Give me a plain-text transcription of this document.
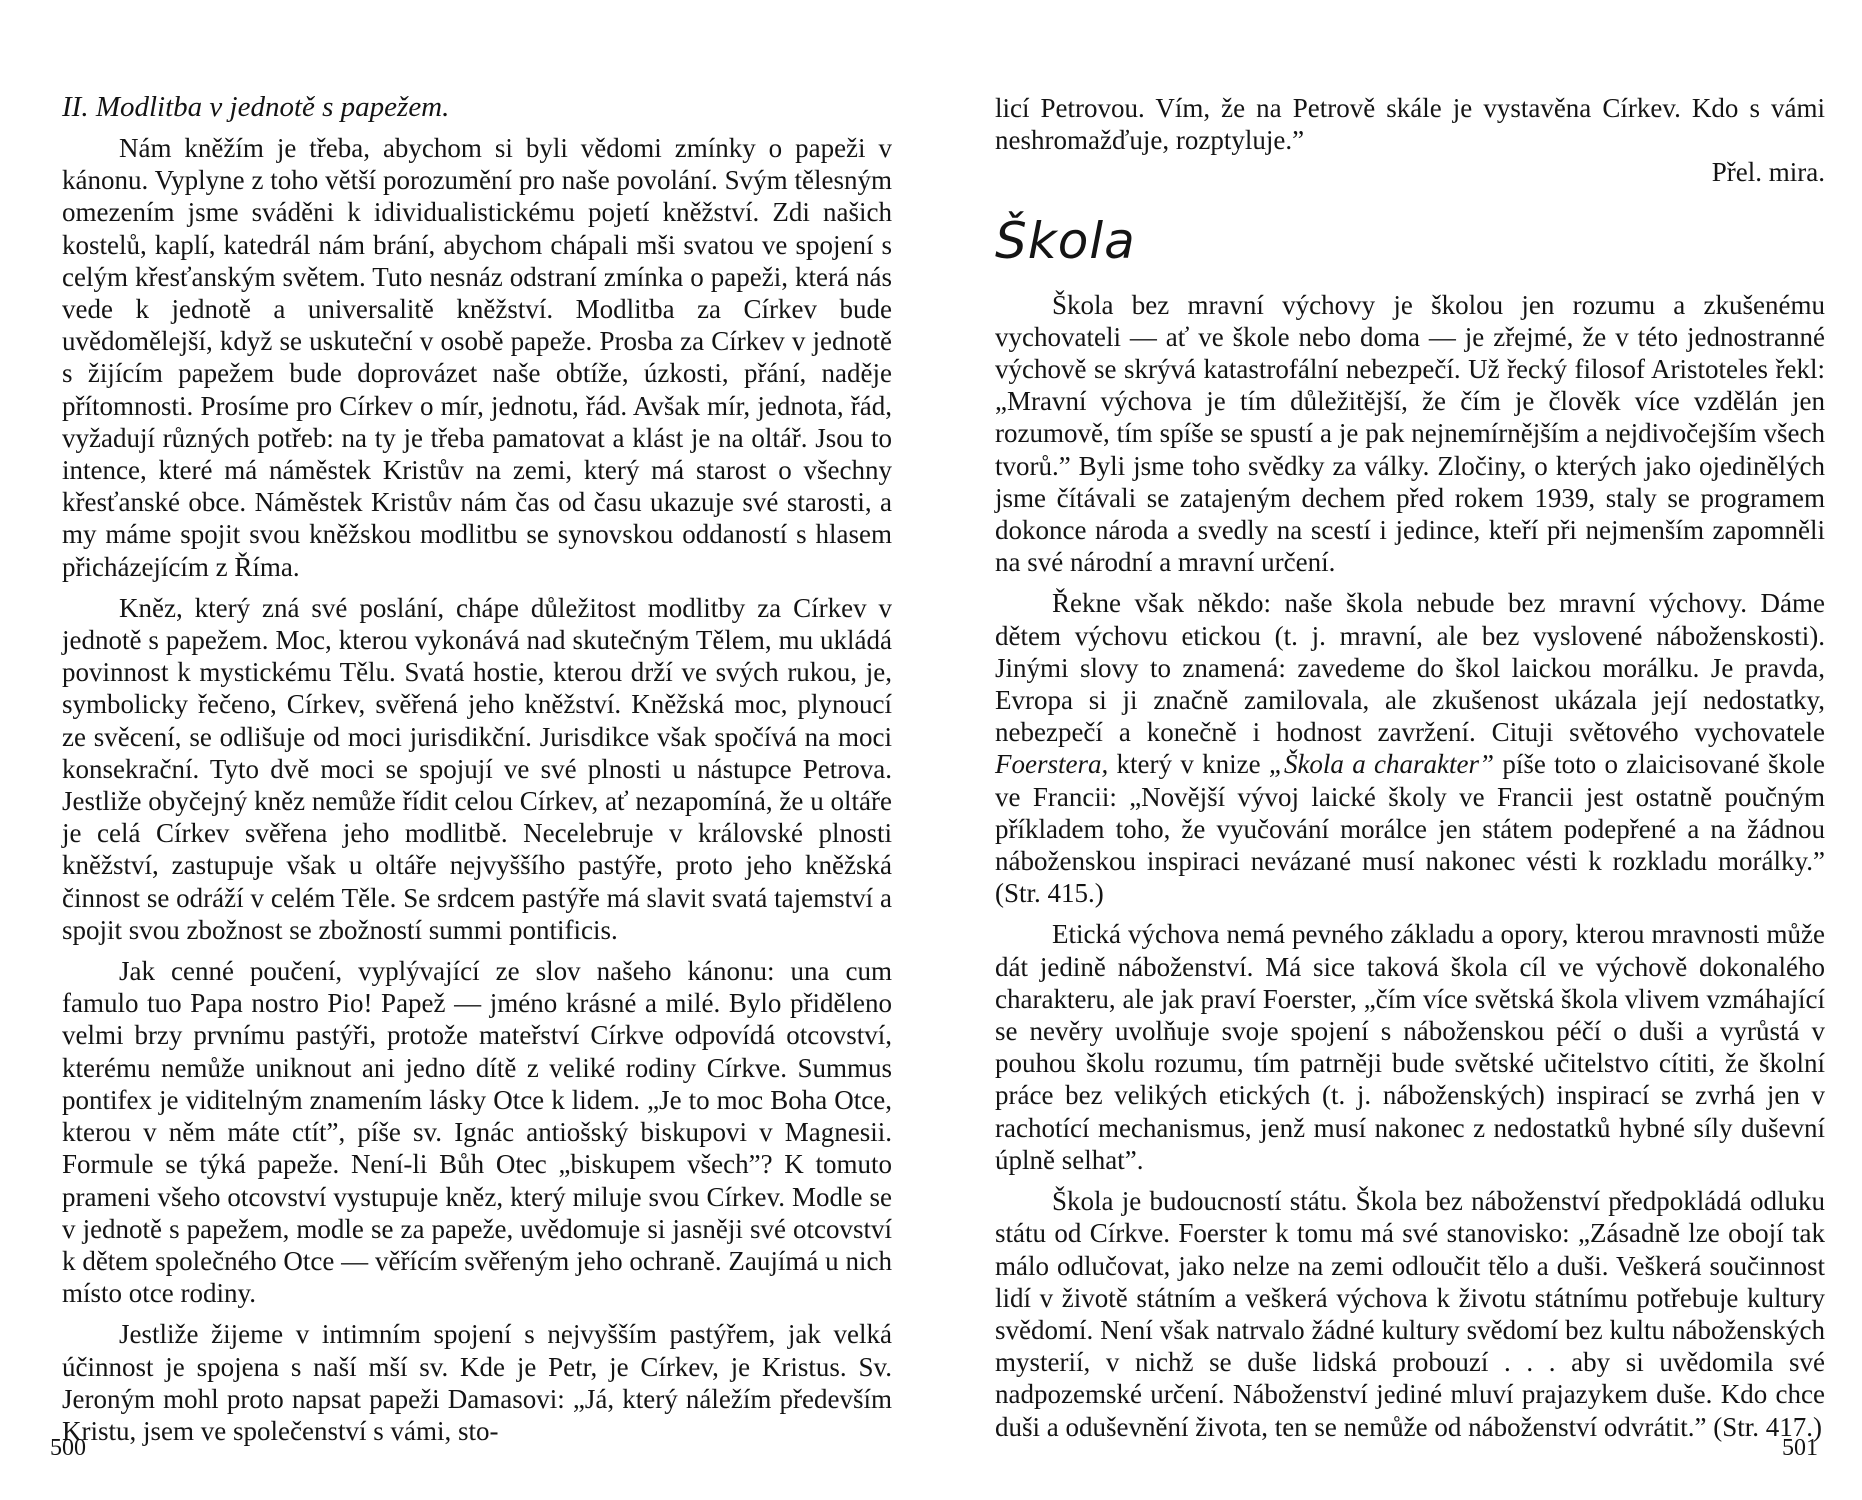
II. Modlitba v jednotě s papežem.

Nám kněžím je třeba, abychom si byli vědomi zmínky o papeži v kánonu. Vyplyne z toho větší porozumění pro naše povolání. Svým tělesným omezením jsme sváděni k idividualistickému pojetí kněžství. Zdi našich kostelů, kaplí, katedrál nám brání, abychom chápali mši svatou ve spojení s celým křesťanským světem. Tuto nesnáz odstraní zmínka o papeži, která nás vede k jednotě a universalitě kněžství. Modlitba za Církev bude uvědomělejší, když se uskuteční v osobě papeže. Prosba za Církev v jednotě s žijícím papežem bude doprovázet naše obtíže, úzkosti, přání, naděje přítomnosti. Prosíme pro Církev o mír, jednotu, řád. Avšak mír, jednota, řád, vyžadují různých potřeb: na ty je třeba pamatovat a klást je na oltář. Jsou to intence, které má náměstek Kristův na zemi, který má starost o všechny křesťanské obce. Náměstek Kristův nám čas od času ukazuje své starosti, a my máme spojit svou kněžskou modlitbu se synovskou oddaností s hlasem přicházejícím z Říma.

Kněz, který zná své poslání, chápe důležitost modlitby za Církev v jednotě s papežem. Moc, kterou vykonává nad skutečným Tělem, mu ukládá povinnost k mystickému Tělu. Svatá hostie, kterou drží ve svých rukou, je, symbolicky řečeno, Církev, svěřená jeho kněžství. Kněžská moc, plynoucí ze svěcení, se odlišuje od moci jurisdikční. Jurisdikce však spočívá na moci konsekrační. Tyto dvě moci se spojují ve své plnosti u nástupce Petrova. Jestliže obyčejný kněz nemůže řídit celou Církev, ať nezapomíná, že u oltáře je celá Církev svěřena jeho modlitbě. Necelebruje v královské plnosti kněžství, zastupuje však u oltáře nejvyššího pastýře, proto jeho kněžská činnost se odráží v celém Těle. Se srdcem pastýře má slavit svatá tajemství a spojit svou zbožnost se zbožností summi pontificis.

Jak cenné poučení, vyplývající ze slov našeho kánonu: una cum famulo tuo Papa nostro Pio! Papež — jméno krásné a milé. Bylo přiděleno velmi brzy prvnímu pastýři, protože mateřství Církve odpovídá otcovství, kterému nemůže uniknout ani jedno dítě z veliké rodiny Církve. Summus pontifex je viditelným znamením lásky Otce k lidem. „Je to moc Boha Otce, kterou v něm máte ctít”, píše sv. Ignác antiošský biskupovi v Magnesii. Formule se týká papeže. Není-li Bůh Otec „biskupem všech”? K tomuto prameni všeho otcovství vystupuje kněz, který miluje svou Církev. Modle se v jednotě s papežem, modle se za papeže, uvědomuje si jasněji své otcovství k dětem společného Otce — věřícím svěřeným jeho ochraně. Zaujímá u nich místo otce rodiny.

Jestliže žijeme v intimním spojení s nejvyšším pastýřem, jak velká účinnost je spojena s naší mší sv. Kde je Petr, je Církev, je Kristus. Sv. Jeroným mohl proto napsat papeži Damasovi: „Já, který náležím především Kristu, jsem ve společenství s vámi, sto-

500

licí Petrovou. Vím, že na Petrově skále je vystavěna Církev. Kdo s vámi neshromažďuje, rozptyluje.”

Přel. mira.
Škola

Škola bez mravní výchovy je školou jen rozumu a zkušenému vychovateli — ať ve škole nebo doma — je zřejmé, že v této jednostranné výchově se skrývá katastrofální nebezpečí. Už řecký filosof Aristoteles řekl: „Mravní výchova je tím důležitější, že čím je člověk více vzdělán jen rozumově, tím spíše se spustí a je pak nejnemírnějším a nejdivočejším všech tvorů.” Byli jsme toho svědky za války. Zločiny, o kterých jako ojedinělých jsme čítávali se zatajeným dechem před rokem 1939, staly se programem dokonce národa a svedly na scestí i jedince, kteří při nejmenším zapomněli na své národní a mravní určení.

Řekne však někdo: naše škola nebude bez mravní výchovy. Dáme dětem výchovu etickou (t. j. mravní, ale bez vyslovené náboženskosti). Jinými slovy to znamená: zavedeme do škol laickou morálku. Je pravda, Evropa si ji značně zamilovala, ale zkušenost ukázala její nedostatky, nebezpečí a konečně i hodnost zavržení. Cituji světového vychovatele Foerstera, který v knize „Škola a charakter” píše toto o zlaicisované škole ve Francii: „Novější vývoj laické školy ve Francii jest ostatně poučným příkladem toho, že vyučování morálce jen státem podepřené a na žádnou náboženskou inspiraci nevázané musí nakonec vésti k rozkladu morálky.” (Str. 415.)

Etická výchova nemá pevného základu a opory, kterou mravnosti může dát jedině náboženství. Má sice taková škola cíl ve výchově dokonalého charakteru, ale jak praví Foerster, „čím více světská škola vlivem vzmáhající se nevěry uvolňuje svoje spojení s náboženskou péčí o duši a vyrůstá v pouhou školu rozumu, tím patrněji bude světské učitelstvo cítiti, že školní práce bez velikých etických (t. j. náboženských) inspirací se zvrhá jen v rachotící mechanismus, jenž musí nakonec z nedostatků hybné síly duševní úplně selhat”.

Škola je budoucností státu. Škola bez náboženství předpokládá odluku státu od Církve. Foerster k tomu má své stanovisko: „Zásadně lze obojí tak málo odlučovat, jako nelze na zemi odloučit tělo a duši. Veškerá součinnost lidí v životě státním a veškerá výchova k životu státnímu potřebuje kultury svědomí. Není však natrvalo žádné kultury svědomí bez kultu náboženských mysterií, v nichž se duše lidská probouzí . . . aby si uvědomila své nadpozemské určení. Náboženství jediné mluví prajazykem duše. Kdo chce duši a oduševnění života, ten se nemůže od náboženství odvrátit.” (Str. 417.)

501
